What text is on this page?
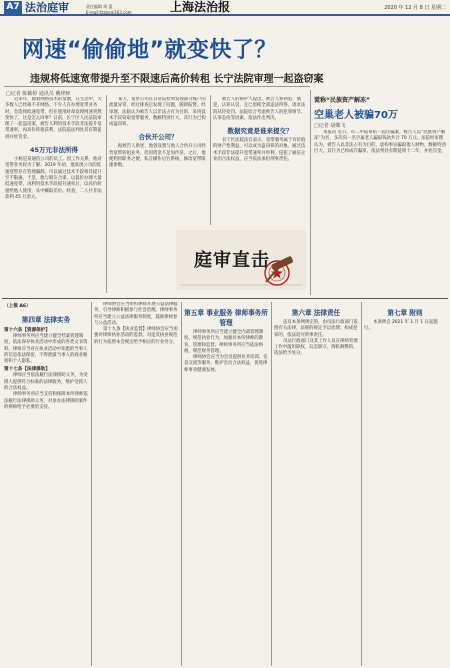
A7 法治庭审	责任编辑 周 蕾
E-mail:fzzbs@163.com	上海法治报	2020 年 12 月 8 日 星期二
网速“偷偷地”就变快了？
违规将低速宽带提升至不限速后高价转租 长宁法院审理一起盗窃案
□记者 陈颖婷 通讯员 戴律师

近来年，随着网络技术的发展，在生活中，大多数人已经离不开网络。不少人在办理宽带业务时，会选择低速宽带，但在使用时却发现网速突然变快了，这是怎么回事？日前，长宁区人民法院审理了一起盗窃案，被告人利用技术手段非法提升宽带速率，再高价转租获利，法院依法判处其有期徒刑并处罚金。

45万元非法所得

小杨是某通信公司的员工。因工作关系，他对宽带业务较为了解。2019 年初，他发现公司的低速宽带存在管理漏洞，可以通过技术手段将其提升至不限速。于是，他与朋友合谋，以低价办理大量低速宽带，再利用技术手段提升速率后，以高价转租给他人使用，从中赚取差价。经查，二人共非法获利 45 万余元。

某天，宽带公司在日常巡检时发现部分账户的流量异常，经过排查后发现了问题，随即报警。经审理，法院认为被告人以非法占有为目的，采用技术手段窃取宽带服务，数额特别巨大，其行为已构成盗窃罪。

合伙开公司？

据被告人供述，他曾设想与他人合伙开公司经营宽带转租业务，但因资金不足而作罢。之后，他便利用职务之便，私自操作后台系统，修改宽带限速参数。

被告人的辩护人提出，被告人系初犯、偶犯，认罪认罚，且已退赔全部违法所得，请求法院从轻处罚。法院综合考虑被告人的犯罪情节、认罪态度等因素，依法作出判决。

数据究竟是谁来提交？

长宁区法院法官表示，宽带服务属于有价值的财产性利益，可以成为盗窃罪的对象。通过技术手段非法提升宽带速率并牟利，侵犯了通信企业的合法权益，应当依法承担刑事责任。

庭审直击
谎称“民族资产解冻”
空巢老人被骗70万
□记者 胡蝶飞

本报讯 近日，市二中院审结一起诈骗案。被告人以“民族资产解冻”为名，多次向一名空巢老人骗取钱款共计 70 万元。法院经审理认为，被告人以非法占有为目的，虚构事实骗取他人财物，数额特别巨大，其行为已构成诈骗罪，依法判处有期徒刑十二年，并处罚金。

（上接 A6）
第四章 法律实务
第十六条【资源保护】

律师事务所应当建立健全档案管理制度，依法保存执业活动中形成的各类文书资料。律师应当对在执业活动中知悉的当事人的信息依法保密，不得泄露当事人的商业秘密和个人隐私。

第十七条【法律援助】

律师应当依法履行法律援助义务，为受援人提供符合标准的法律服务，维护受援人的合法权益。

律师事务所应当支持和保障本所律师依法履行法律援助义务，对承办法律援助案件的律师给予必要的支持。

律师协会应当组织律师开展公益法律服务，引导律师积极参与社会治理。律师事务所应当建立公益法律服务制度，鼓励律师参与公益活动。

第十九条【执业监督】律师协会应当加强对律师执业活动的监督，对违反执业规范的行为依照本会规定给予相应的行业处分。

第五章 事业服务 律师事务所管理

律师事务所应当建立健全内部管理制度，规范执业行为，加强对本所律师的教育、管理和监督。律师事务所应当依法纳税，规范财务管理。

律师协会应当为会员提供业务培训、信息交流等服务，维护会员合法权益，促进律师事业健康发展。

第六章 法律责任

违反本条例规定的，由司法行政部门依照有关法律、法规的规定予以处理；构成犯罪的，依法追究刑事责任。

司法行政部门及其工作人员在律师管理工作中滥用职权、玩忽职守、徇私舞弊的，依法给予处分。

第七章 附则

本条例自 2021 年 1 月 1 日起施行。
